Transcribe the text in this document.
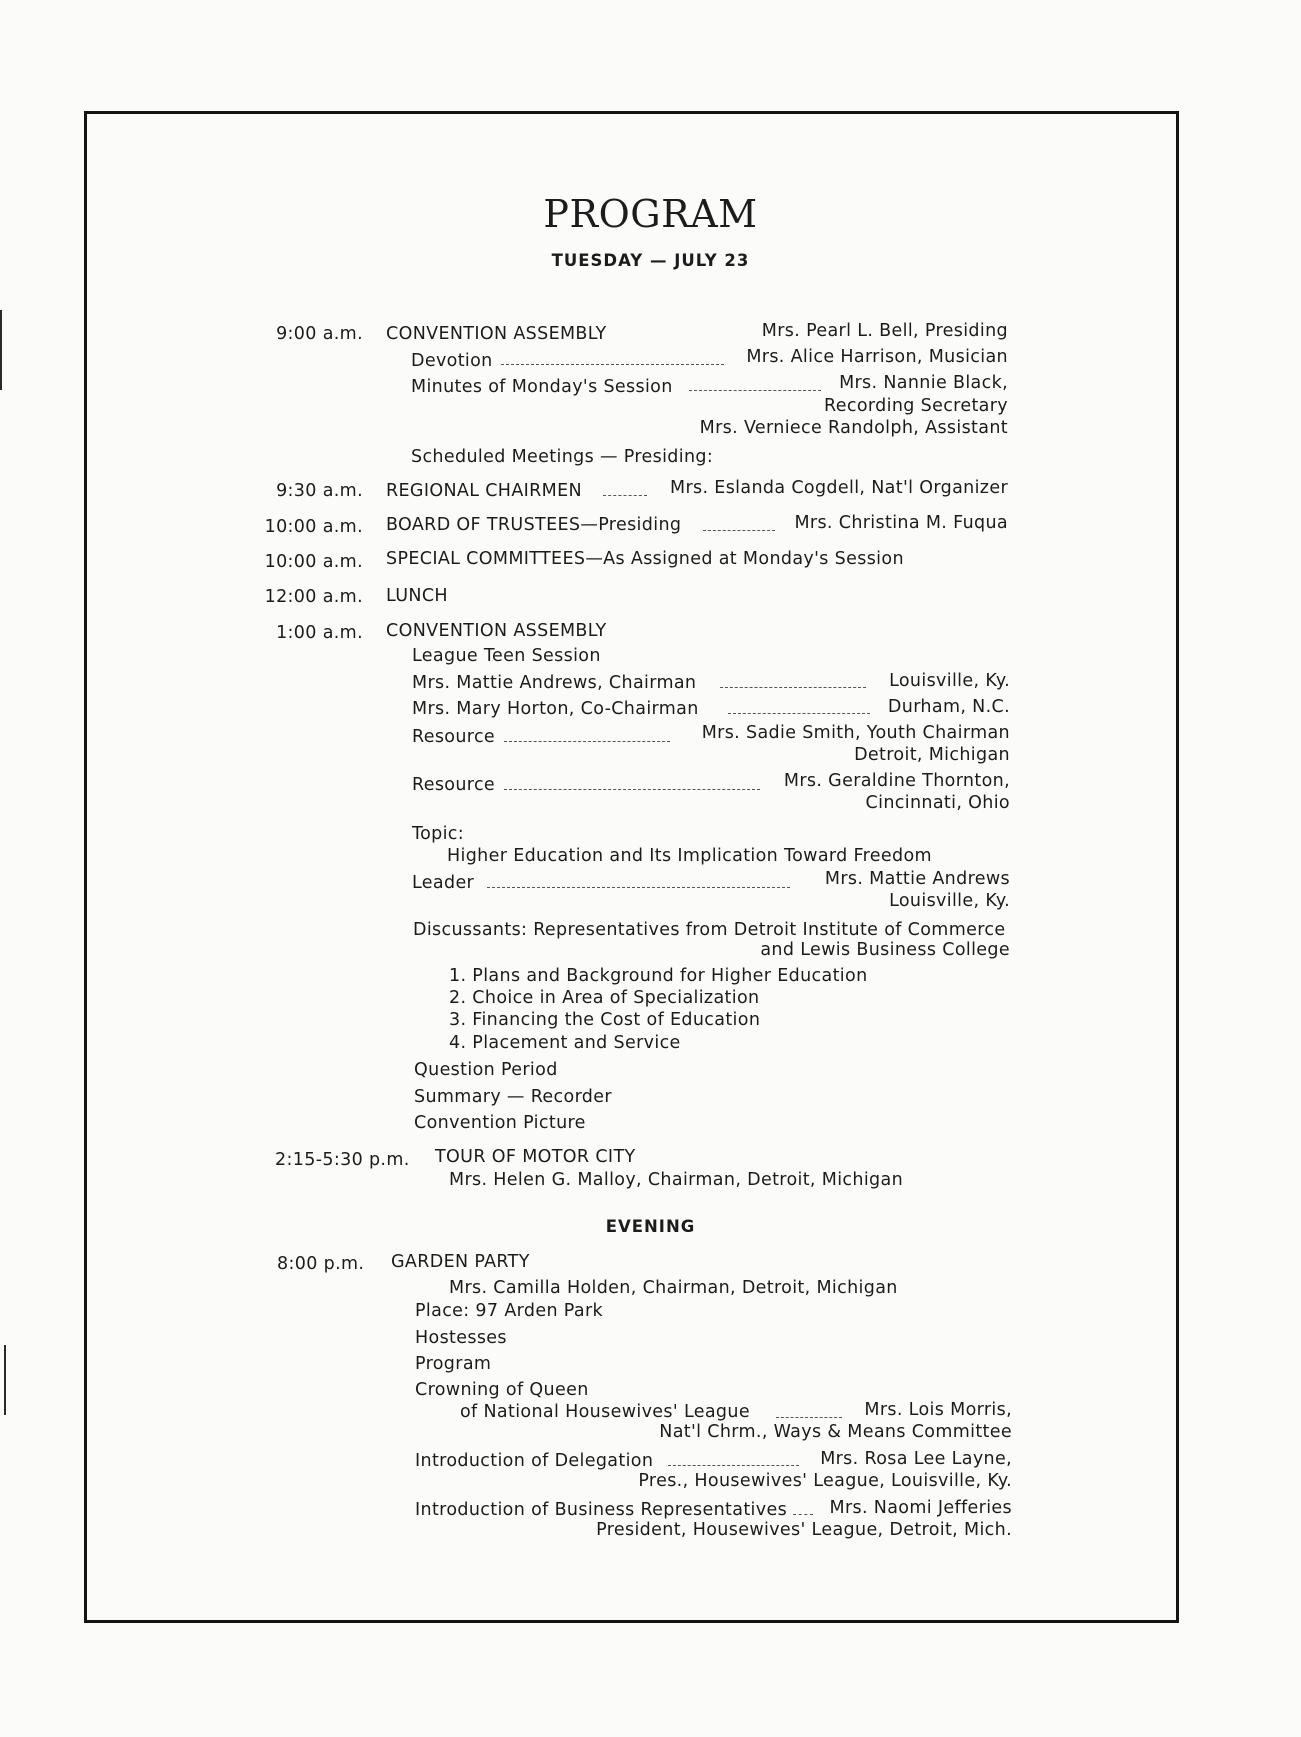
PROGRAM
TUESDAY — JULY 23
9:00 a.m. CONVENTION ASSEMBLY	Mrs. Pearl L. Bell, Presiding
Devotion	Mrs. Alice Harrison, Musician
Minutes of Monday's Session	Mrs. Nannie Black,
Recording Secretary
Mrs. Verniece Randolph, Assistant
Scheduled Meetings — Presiding:
9:30 a.m. REGIONAL CHAIRMEN	Mrs. Eslanda Cogdell, Nat'l Organizer
10:00 a.m. BOARD OF TRUSTEES—Presiding	Mrs. Christina M. Fuqua
10:00 a.m. SPECIAL COMMITTEES—As Assigned at Monday's Session
12:00 a.m. LUNCH
1:00 a.m. CONVENTION ASSEMBLY
League Teen Session
Mrs. Mattie Andrews, Chairman	Louisville, Ky.
Mrs. Mary Horton, Co-Chairman	Durham, N.C.
Resource	Mrs. Sadie Smith, Youth Chairman
Detroit, Michigan
Resource	Mrs. Geraldine Thornton,
Cincinnati, Ohio
Topic:
Higher Education and Its Implication Toward Freedom
Leader	Mrs. Mattie Andrews
Louisville, Ky.
Discussants: Representatives from Detroit Institute of Commerce
and Lewis Business College
1. Plans and Background for Higher Education
2. Choice in Area of Specialization
3. Financing the Cost of Education
4. Placement and Service
Question Period
Summary — Recorder
Convention Picture
2:15-5:30 p.m. TOUR OF MOTOR CITY
Mrs. Helen G. Malloy, Chairman, Detroit, Michigan
EVENING
8:00 p.m. GARDEN PARTY
Mrs. Camilla Holden, Chairman, Detroit, Michigan
Place: 97 Arden Park
Hostesses
Program
Crowning of Queen
of National Housewives' League	Mrs. Lois Morris,
Nat'l Chrm., Ways & Means Committee
Introduction of Delegation	Mrs. Rosa Lee Layne,
Pres., Housewives' League, Louisville, Ky.
Introduction of Business Representatives Mrs. Naomi Jefferies
President, Housewives' League, Detroit, Mich.
